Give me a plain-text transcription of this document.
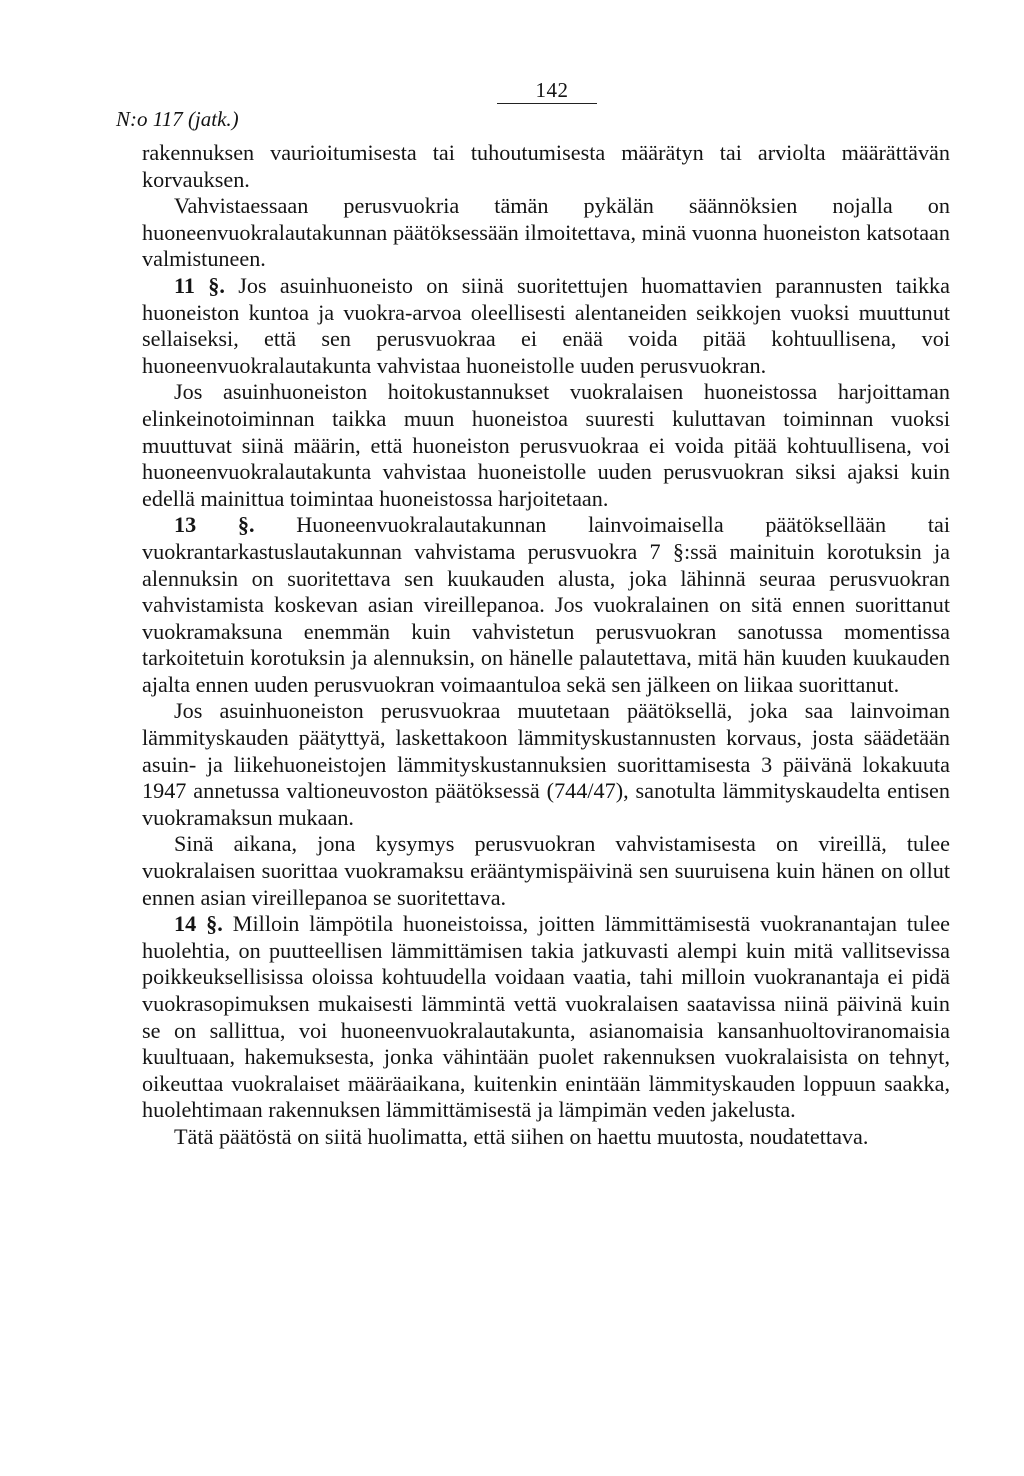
142
N:o 117 (jatk.)

rakennuksen vaurioitumisesta tai tuhoutumisesta määrätyn tai arviolta määrättävän korvauksen.

Vahvistaessaan perusvuokria tämän pykälän säännöksien nojalla on huoneenvuokralautakunnan päätöksessään ilmoitettava, minä vuonna huoneiston katsotaan valmistuneen.

11 §. Jos asuinhuoneisto on siinä suoritettujen huomattavien parannusten taikka huoneiston kuntoa ja vuokra-arvoa oleellisesti alentaneiden seikkojen vuoksi muuttunut sellaiseksi, että sen perusvuokraa ei enää voida pitää kohtuullisena, voi huoneenvuokralautakunta vahvistaa huoneistolle uuden perusvuokran.

Jos asuinhuoneiston hoitokustannukset vuokralaisen huoneistossa harjoittaman elinkeinotoiminnan taikka muun huoneistoa suuresti kuluttavan toiminnan vuoksi muuttuvat siinä määrin, että huoneiston perusvuokraa ei voida pitää kohtuullisena, voi huoneenvuokralautakunta vahvistaa huoneistolle uuden perusvuokran siksi ajaksi kuin edellä mainittua toimintaa huoneistossa harjoitetaan.

13 §. Huoneenvuokralautakunnan lainvoimaisella päätöksellään tai vuokrantarkastuslautakunnan vahvistama perusvuokra 7 §:ssä mainituin korotuksin ja alennuksin on suoritettava sen kuukauden alusta, joka lähinnä seuraa perusvuokran vahvistamista koskevan asian vireillepanoa. Jos vuokralainen on sitä ennen suorittanut vuokramaksuna enemmän kuin vahvistetun perusvuokran sanotussa momentissa tarkoitetuin korotuksin ja alennuksin, on hänelle palautettava, mitä hän kuuden kuukauden ajalta ennen uuden perusvuokran voimaantuloa sekä sen jälkeen on liikaa suorittanut.

Jos asuinhuoneiston perusvuokraa muutetaan päätöksellä, joka saa lainvoiman lämmityskauden päätyttyä, laskettakoon lämmityskustannusten korvaus, josta säädetään asuin- ja liikehuoneistojen lämmityskustannuksien suorittamisesta 3 päivänä lokakuuta 1947 annetussa valtioneuvoston päätöksessä (744/47), sanotulta lämmityskaudelta entisen vuokramaksun mukaan.

Sinä aikana, jona kysymys perusvuokran vahvistamisesta on vireillä, tulee vuokralaisen suorittaa vuokramaksu erääntymispäivinä sen suuruisena kuin hänen on ollut ennen asian vireillepanoa se suoritettava.

14 §. Milloin lämpötila huoneistoissa, joitten lämmittämisestä vuokranantajan tulee huolehtia, on puutteellisen lämmittämisen takia jatkuvasti alempi kuin mitä vallitsevissa poikkeuksellisissa oloissa kohtuudella voidaan vaatia, tahi milloin vuokranantaja ei pidä vuokrasopimuksen mukaisesti lämmintä vettä vuokralaisen saatavissa niinä päivinä kuin se on sallittua, voi huoneenvuokralautakunta, asianomaisia kansanhuoltoviranomaisia kuultuaan, hakemuksesta, jonka vähintään puolet rakennuksen vuokralaisista on tehnyt, oikeuttaa vuokralaiset määräaikana, kuitenkin enintään lämmityskauden loppuun saakka, huolehtimaan rakennuksen lämmittämisestä ja lämpimän veden jakelusta.

Tätä päätöstä on siitä huolimatta, että siihen on haettu muutosta, noudatettava.
